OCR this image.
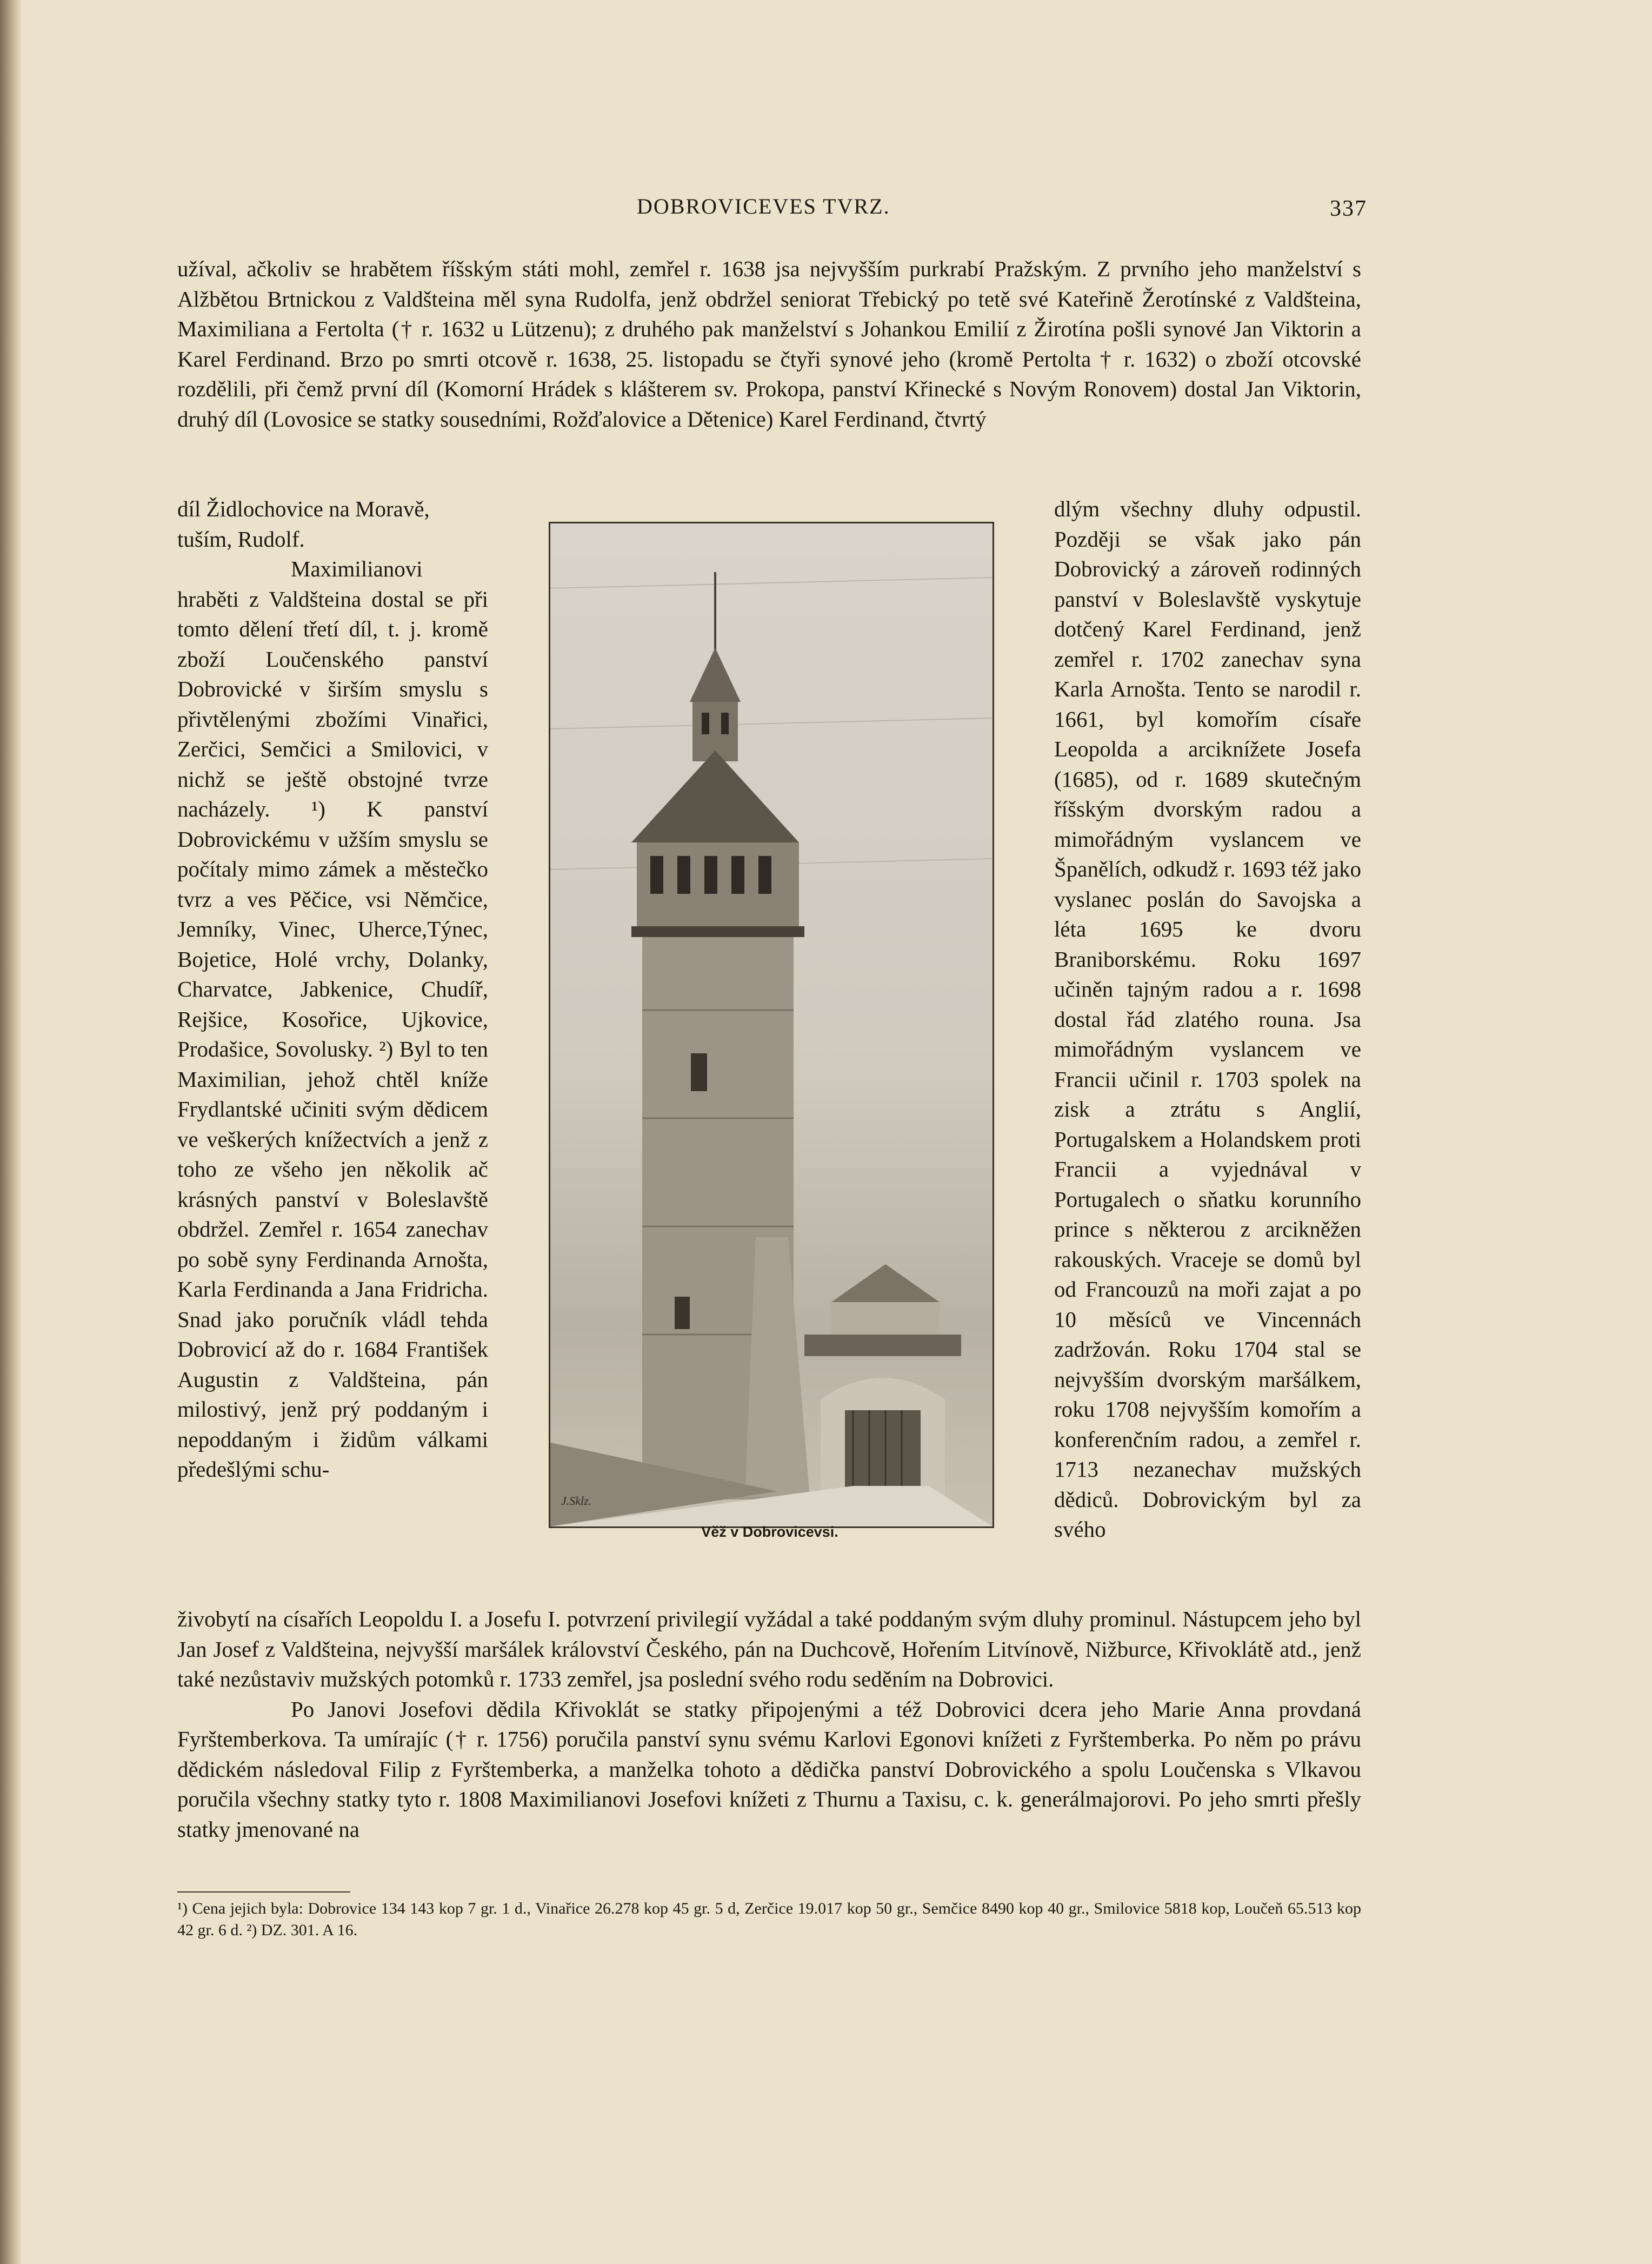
DOBROVICEVES TVRZ.	337

užíval, ačkoliv se hrabětem říšským státi mohl, zemřel r. 1638 jsa nejvyšším purkrabí Pražským. Z prvního jeho manželství s Alžbětou Brtnickou z Valdšteina měl syna Rudolfa, jenž obdržel seniorat Třebický po tetě své Kateřině Žerotínské z Valdšteina, Maximiliana a Fertolta († r. 1632 u Lützenu); z druhého pak manželství s Johankou Emilií z Žirotína pošli synové Jan Viktorin a Karel Ferdinand. Brzo po smrti otcově r. 1638, 25. listopadu se čtyři synové jeho (kromě Pertolta † r. 1632) o zboží otcovské rozdělili, při čemž první díl (Komorní Hrádek s klášterem sv. Prokopa, panství Křinecké s Novým Ronovem) dostal Jan Viktorin, druhý díl (Lovosice se statky sousedními, Rožďalovice a Dětenice) Karel Ferdinand, čtvrtý

díl Židlochovice na Moravě, tuším, Rudolf.

Maximilianovi hraběti z Valdšteina dostal se při tomto dělení třetí díl, t. j. kromě zboží Loučenského panství Dobrovické v širším smyslu s přivtělenými zbožími Vinařici, Zerčici, Semčici a Smilovici, v nichž se ještě obstojné tvrze nacházely. ¹) K panství Dobrovickému v užším smyslu se počítaly mimo zámek a městečko tvrz a ves Pěčice, vsi Němčice, Jemníky, Vinec, Uherce,Týnec, Bojetice, Holé vrchy, Dolanky, Charvatce, Jabkenice, Chudíř, Rejšice, Kosořice, Ujkovice, Prodašice, Sovolusky. ²) Byl to ten Maximilian, jehož chtěl kníže Frydlantské učiniti svým dědicem ve veškerých knížectvích a jenž z toho ze všeho jen několik ač krásných panství v Boleslavště obdržel. Zemřel r. 1654 zanechav po sobě syny Ferdinanda Arnošta, Karla Ferdinanda a Jana Fridricha. Snad jako poručník vládl tehda Dobrovicí až do r. 1684 František Augustin z Valdšteina, pán milostivý, jenž prý poddaným i nepoddaným i židům válkami předešlými schu-

J.Sklz.
Věž v Dobrovicevsi.

dlým všechny dluhy odpustil. Později se však jako pán Dobrovický a zároveň rodinných panství v Boleslavště vyskytuje dotčený Karel Ferdinand, jenž zemřel r. 1702 zanechav syna Karla Arnošta. Tento se narodil r. 1661, byl komořím císaře Leopolda a arciknížete Josefa (1685), od r. 1689 skutečným říšským dvorským radou a mimořádným vyslancem ve Španělích, odkudž r. 1693 též jako vyslanec poslán do Savojska a léta 1695 ke dvoru Braniborskému. Roku 1697 učiněn tajným radou a r. 1698 dostal řád zlatého rouna. Jsa mimořádným vyslancem ve Francii učinil r. 1703 spolek na zisk a ztrátu s Anglií, Portugalskem a Holandskem proti Francii a vyjednával v Portugalech o sňatku korunního prince s některou z arcikněžen rakouských. Vraceje se domů byl od Francouzů na moři zajat a po 10 měsíců ve Vincennách zadržován. Roku 1704 stal se nejvyšším dvorským maršálkem, roku 1708 nejvyšším komořím a konferenčním radou, a zemřel r. 1713 nezanechav mužských dědiců. Dobrovickým byl za svého

živobytí na císařích Leopoldu I. a Josefu I. potvrzení privilegií vyžádal a také poddaným svým dluhy prominul. Nástupcem jeho byl Jan Josef z Valdšteina, nejvyšší maršálek království Českého, pán na Duchcově, Hořením Litvínově, Nižburce, Křivoklátě atd., jenž také nezůstaviv mužských potomků r. 1733 zemřel, jsa poslední svého rodu seděním na Dobrovici.

Po Janovi Josefovi dědila Křivoklát se statky připojenými a též Dobrovici dcera jeho Marie Anna provdaná Fyrštemberkova. Ta umírajíc († r. 1756) poručila panství synu svému Karlovi Egonovi knížeti z Fyrštemberka. Po něm po právu dědickém následoval Filip z Fyrštemberka, a manželka tohoto a dědička panství Dobrovického a spolu Loučenska s Vlkavou poručila všechny statky tyto r. 1808 Maximilianovi Josefovi knížeti z Thurnu a Taxisu, c. k. generálmajorovi. Po jeho smrti přešly statky jmenované na

¹) Cena jejich byla: Dobrovice 134 143 kop 7 gr. 1 d., Vinařice 26.278 kop 45 gr. 5 d, Zerčice 19.017 kop 50 gr., Semčice 8490 kop 40 gr., Smilovice 5818 kop, Loučeň 65.513 kop 42 gr. 6 d. ²) DZ. 301. A 16.
